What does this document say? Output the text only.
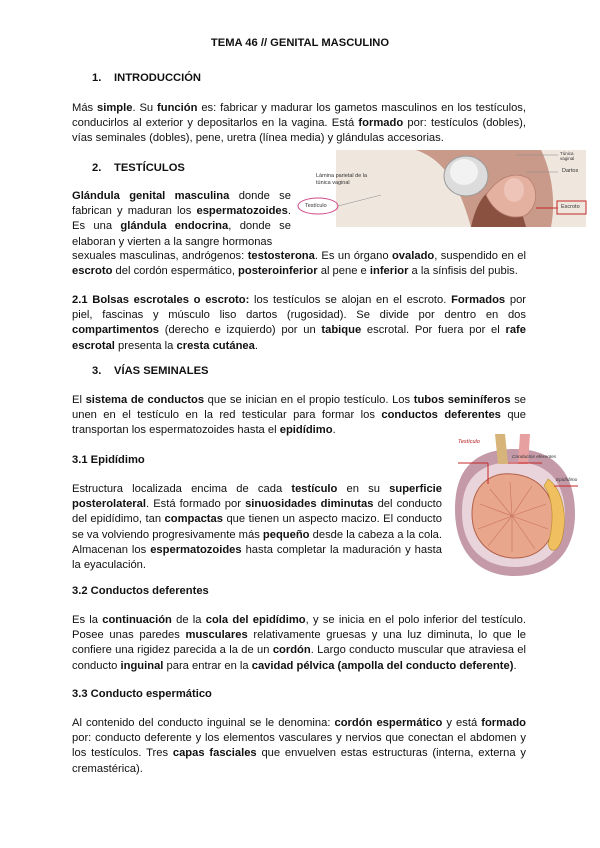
TEMA 46 // GENITAL MASCULINO
1. INTRODUCCIÓN
Más simple. Su función es: fabricar y madurar los gametos masculinos en los testículos, conducirlos al exterior y depositarlos en la vagina. Está formado por: testículos (dobles), vías seminales (dobles), pene, uretra (línea media) y glándulas accesorias.
2. TESTÍCULOS
Glándula genital masculina donde se fabrican y maduran los espermatozoides. Es una glándula endocrina, donde se elaboran y vierten a la sangre hormonas
sexuales masculinas, andrógenos: testosterona. Es un órgano ovalado, suspendido en el escroto del cordón espermático, posteroinferior al pene e inferior a la sínfisis del pubis.
Lámina parietal de la túnica vaginal
Testículo
Dartos
Escroto
Túnica vaginal
2.1 Bolsas escrotales o escroto: los testículos se alojan en el escroto. Formados por piel, fascinas y músculo liso dartos (rugosidad). Se divide por dentro en dos compartimentos (derecho e izquierdo) por un tabique escrotal. Por fuera por el rafe escrotal presenta la cresta cutánea.
3. VÍAS SEMINALES
El sistema de conductos que se inician en el propio testículo. Los tubos seminíferos se unen en el testículo en la red testicular para formar los conductos deferentes que transportan los espermatozoides hasta el epidídimo.
3.1 Epidídimo
Estructura localizada encima de cada testículo en su superficie posterolateral. Está formado por sinuosidades diminutas del conducto del epidídimo, tan compactas que tienen un aspecto macizo. El conducto se va volviendo progresivamente más pequeño desde la cabeza a la cola. Almacenan los espermatozoides hasta completar la maduración y hasta la eyaculación.
Testículo
Conductos eferentes
Epidídimo
3.2 Conductos deferentes
Es la continuación de la cola del epidídimo, y se inicia en el polo inferior del testículo. Posee unas paredes musculares relativamente gruesas y una luz diminuta, lo que le confiere una rigidez parecida a la de un cordón. Largo conducto muscular que atraviesa el conducto inguinal para entrar en la cavidad pélvica (ampolla del conducto deferente).
3.3 Conducto espermático
Al contenido del conducto inguinal se le denomina: cordón espermático y está formado por: conducto deferente y los elementos vasculares y nervios que conectan el abdomen y los testículos. Tres capas fasciales que envuelven estas estructuras (interna, externa y cremastérica).
